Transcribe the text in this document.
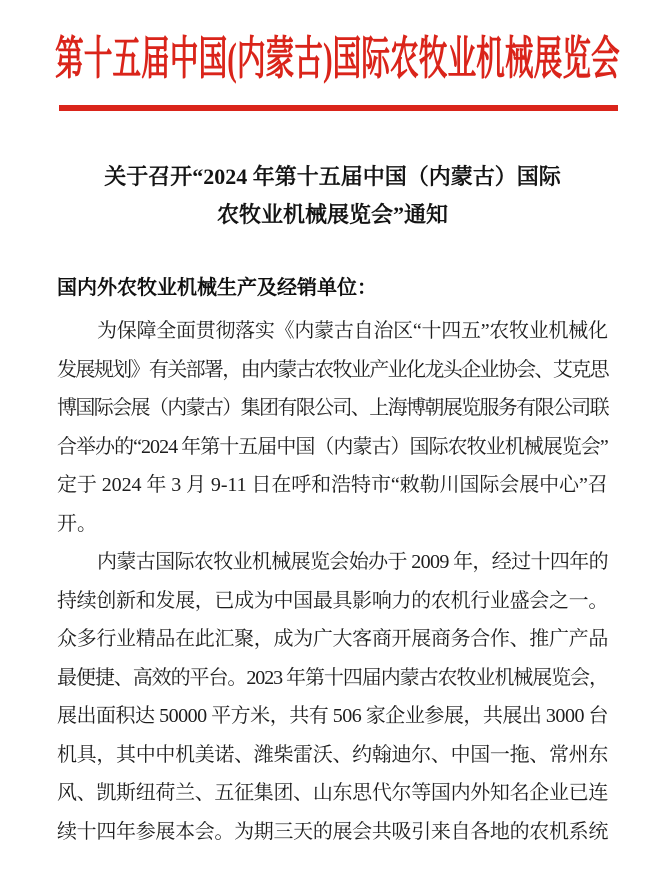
第十五届中国(内蒙古)国际农牧业机械展览会
关于召开“2024 年第十五届中国（内蒙古）国际
农牧业机械展览会”通知
国内外农牧业机械生产及经销单位：
为保障全面贯彻落实《内蒙古自治区“十四五”农牧业机械化
发展规划》有关部署，由内蒙古农牧业产业化龙头企业协会、艾克思
博国际会展（内蒙古）集团有限公司、上海博朝展览服务有限公司联
合举办的“2024 年第十五届中国（内蒙古）国际农牧业机械展览会”
定于 2024 年 3 月 9-11 日在呼和浩特市“敕勒川国际会展中心”召
开。
内蒙古国际农牧业机械展览会始办于 2009 年，经过十四年的
持续创新和发展，已成为中国最具影响力的农机行业盛会之一。
众多行业精品在此汇聚，成为广大客商开展商务合作、推广产品
最便捷、高效的平台。2023 年第十四届内蒙古农牧业机械展览会，
展出面积达 50000 平方米，共有 506 家企业参展，共展出 3000 台
机具，其中中机美诺、潍柴雷沃、约翰迪尔、中国一拖、常州东
风、凯斯纽荷兰、五征集团、山东思代尔等国内外知名企业已连
续十四年参展本会。为期三天的展会共吸引来自各地的农机系统
